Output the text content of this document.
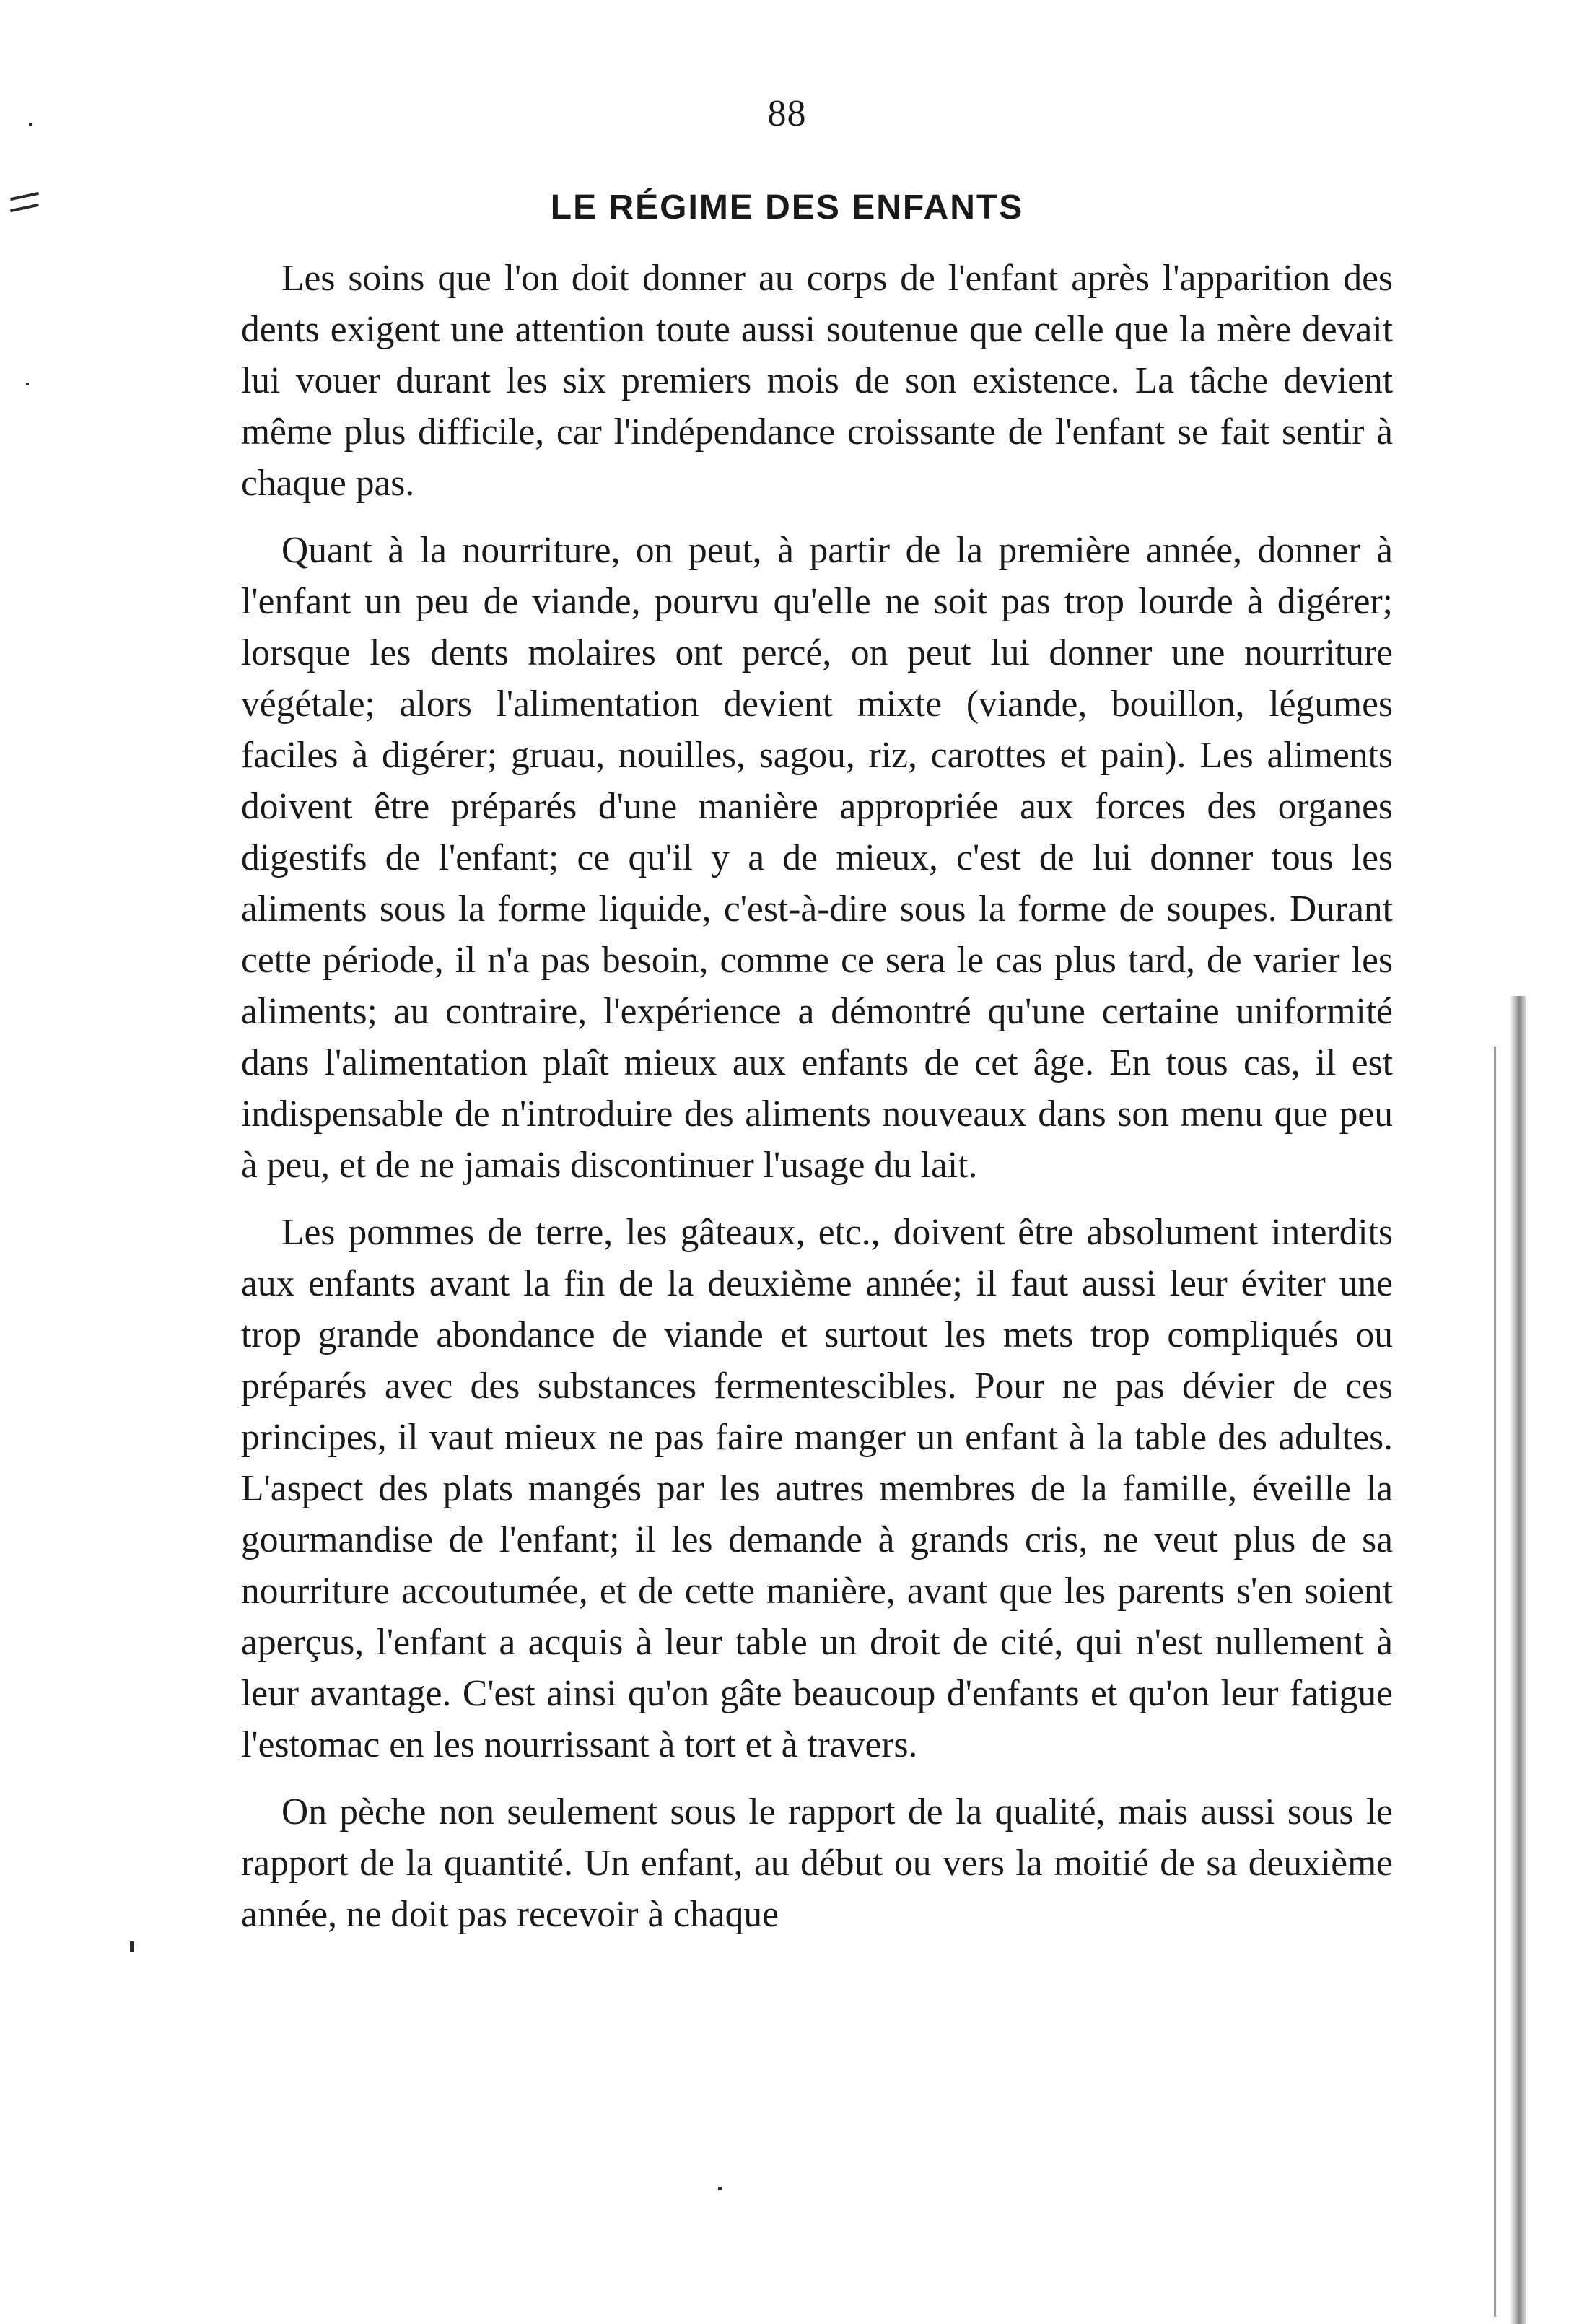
88
LE RÉGIME DES ENFANTS

Les soins que l'on doit donner au corps de l'enfant après l'apparition des dents exigent une attention toute aussi soutenue que celle que la mère devait lui vouer durant les six premiers mois de son existence. La tâche devient même plus difficile, car l'indépendance croissante de l'enfant se fait sentir à chaque pas.

Quant à la nourriture, on peut, à partir de la première année, donner à l'enfant un peu de viande, pourvu qu'elle ne soit pas trop lourde à digérer; lorsque les dents molaires ont percé, on peut lui donner une nourriture végétale; alors l'alimentation devient mixte (viande, bouillon, légumes faciles à digérer; gruau, nouilles, sagou, riz, carottes et pain). Les aliments doivent être préparés d'une manière appropriée aux forces des organes digestifs de l'enfant; ce qu'il y a de mieux, c'est de lui donner tous les aliments sous la forme liquide, c'est-à-dire sous la forme de soupes. Durant cette période, il n'a pas besoin, comme ce sera le cas plus tard, de varier les aliments; au contraire, l'expérience a démontré qu'une certaine uniformité dans l'alimentation plaît mieux aux enfants de cet âge. En tous cas, il est indispensable de n'introduire des aliments nouveaux dans son menu que peu à peu, et de ne jamais discontinuer l'usage du lait.

Les pommes de terre, les gâteaux, etc., doivent être absolument interdits aux enfants avant la fin de la deuxième année; il faut aussi leur éviter une trop grande abondance de viande et surtout les mets trop compliqués ou préparés avec des substances fermentescibles. Pour ne pas dévier de ces principes, il vaut mieux ne pas faire manger un enfant à la table des adultes. L'aspect des plats mangés par les autres membres de la famille, éveille la gourmandise de l'enfant; il les demande à grands cris, ne veut plus de sa nourriture accoutumée, et de cette manière, avant que les parents s'en soient aperçus, l'enfant a acquis à leur table un droit de cité, qui n'est nullement à leur avantage. C'est ainsi qu'on gâte beaucoup d'enfants et qu'on leur fatigue l'estomac en les nourrissant à tort et à travers.

On pèche non seulement sous le rapport de la qualité, mais aussi sous le rapport de la quantité. Un enfant, au début ou vers la moitié de sa deuxième année, ne doit pas recevoir à chaque
